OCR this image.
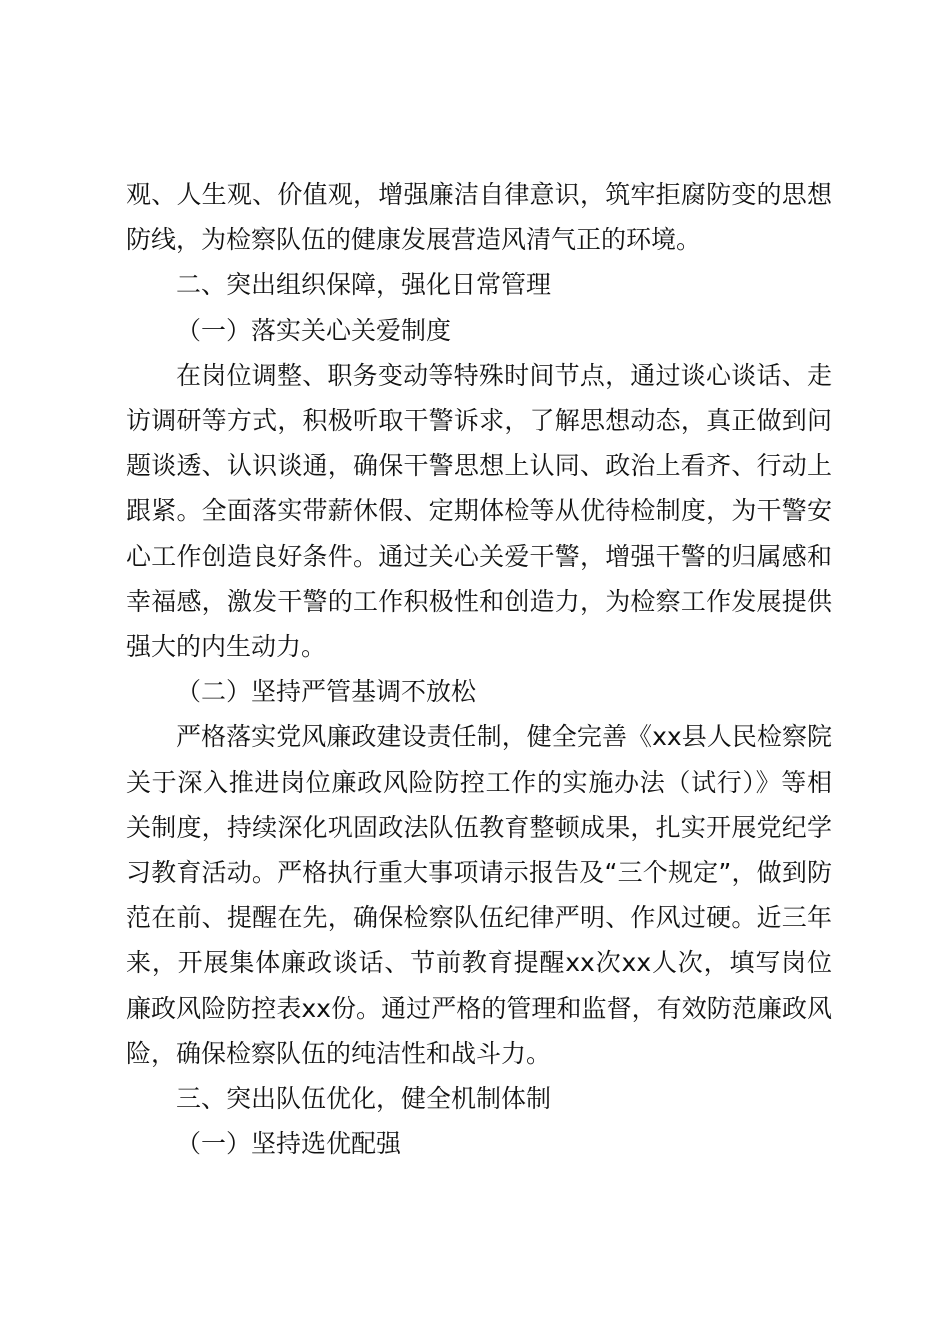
观、人生观、价值观，增强廉洁自律意识，筑牢拒腐防变的思想防线，为检察队伍的健康发展营造风清气正的环境。

二、突出组织保障，强化日常管理

（一）落实关心关爱制度

在岗位调整、职务变动等特殊时间节点，通过谈心谈话、走访调研等方式，积极听取干警诉求，了解思想动态，真正做到问题谈透、认识谈通，确保干警思想上认同、政治上看齐、行动上跟紧。全面落实带薪休假、定期体检等从优待检制度，为干警安心工作创造良好条件。通过关心关爱干警，增强干警的归属感和幸福感，激发干警的工作积极性和创造力，为检察工作发展提供强大的内生动力。

（二）坚持严管基调不放松

严格落实党风廉政建设责任制，健全完善《xx县人民检察院关于深入推进岗位廉政风险防控工作的实施办法（试行）》等相关制度，持续深化巩固政法队伍教育整顿成果，扎实开展党纪学习教育活动。严格执行重大事项请示报告及“三个规定”，做到防范在前、提醒在先，确保检察队伍纪律严明、作风过硬。近三年来，开展集体廉政谈话、节前教育提醒xx次xx人次，填写岗位廉政风险防控表xx份。通过严格的管理和监督，有效防范廉政风险，确保检察队伍的纯洁性和战斗力。

三、突出队伍优化，健全机制体制

（一）坚持选优配强
